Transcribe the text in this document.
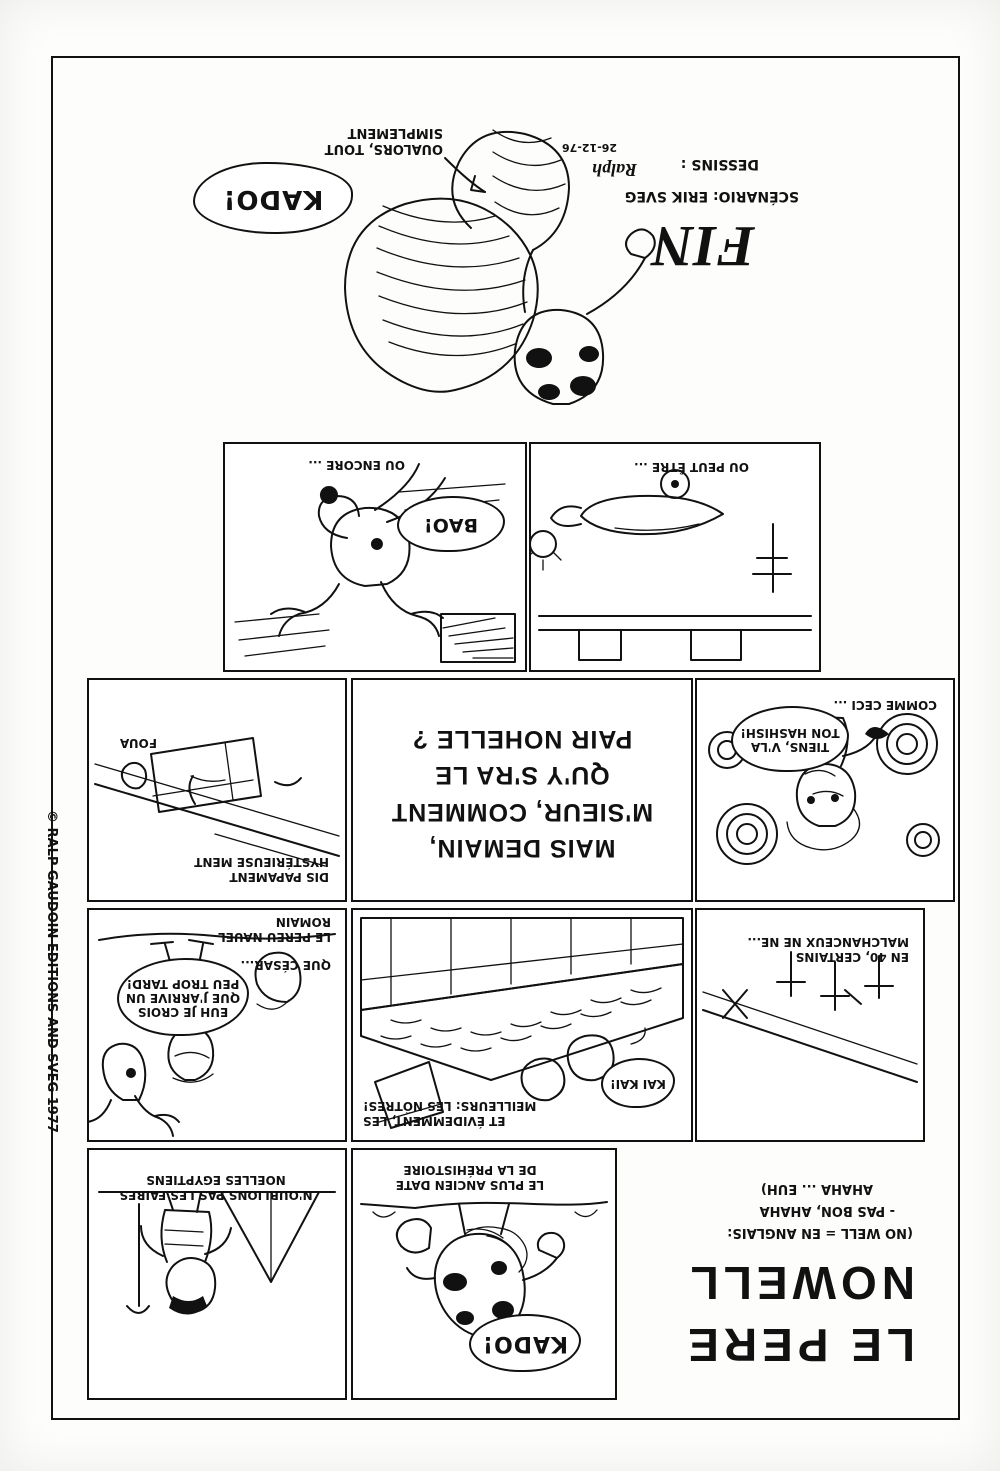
© RALP GAUDOIN EDITIONS AND SVEG 1977
LE PERE
NOWELL
(NO WELL = EN ANGLAIS:
- PAS BON, AHAHA
AHAHA ... EUH)
KADO!
LE PLUS ANCIEN DATE DE LA PRÉHISTOIRE
N'OUBLIONS PAS LES FAIRES NOELLES EGYPTIENS
EUH JE CROIS QUE J'ARRIVE UN PEU TROP TARD!
QUE CÉSAR...
LE PEREU NAUEL ROMAIN
KAI KAI!
ET ÉVIDEMMENT, LES MEILLEURS: LES NÔTRES!
EN 40, CERTAINS MALCHANCEUX NE NE...
DIS PAPAMENT HYSTÉRIEUSE MENT
FOUA
MAIS DEMAIN,
M'SIEUR, COMMENT
QU'Y S'RA LE
PAIR NOHELLE ?	TIENS, V'LA TON HASHISH!
COMME CECI ...
BAO!
OU ENCORE ...	OU PEUT ÊTRE ...
KADO!
OUALORS, TOUT SIMPLEMENT
FIN
SCÉNARIO: ERIK SVEG
DESSINS :
Ralph
26-12-76
